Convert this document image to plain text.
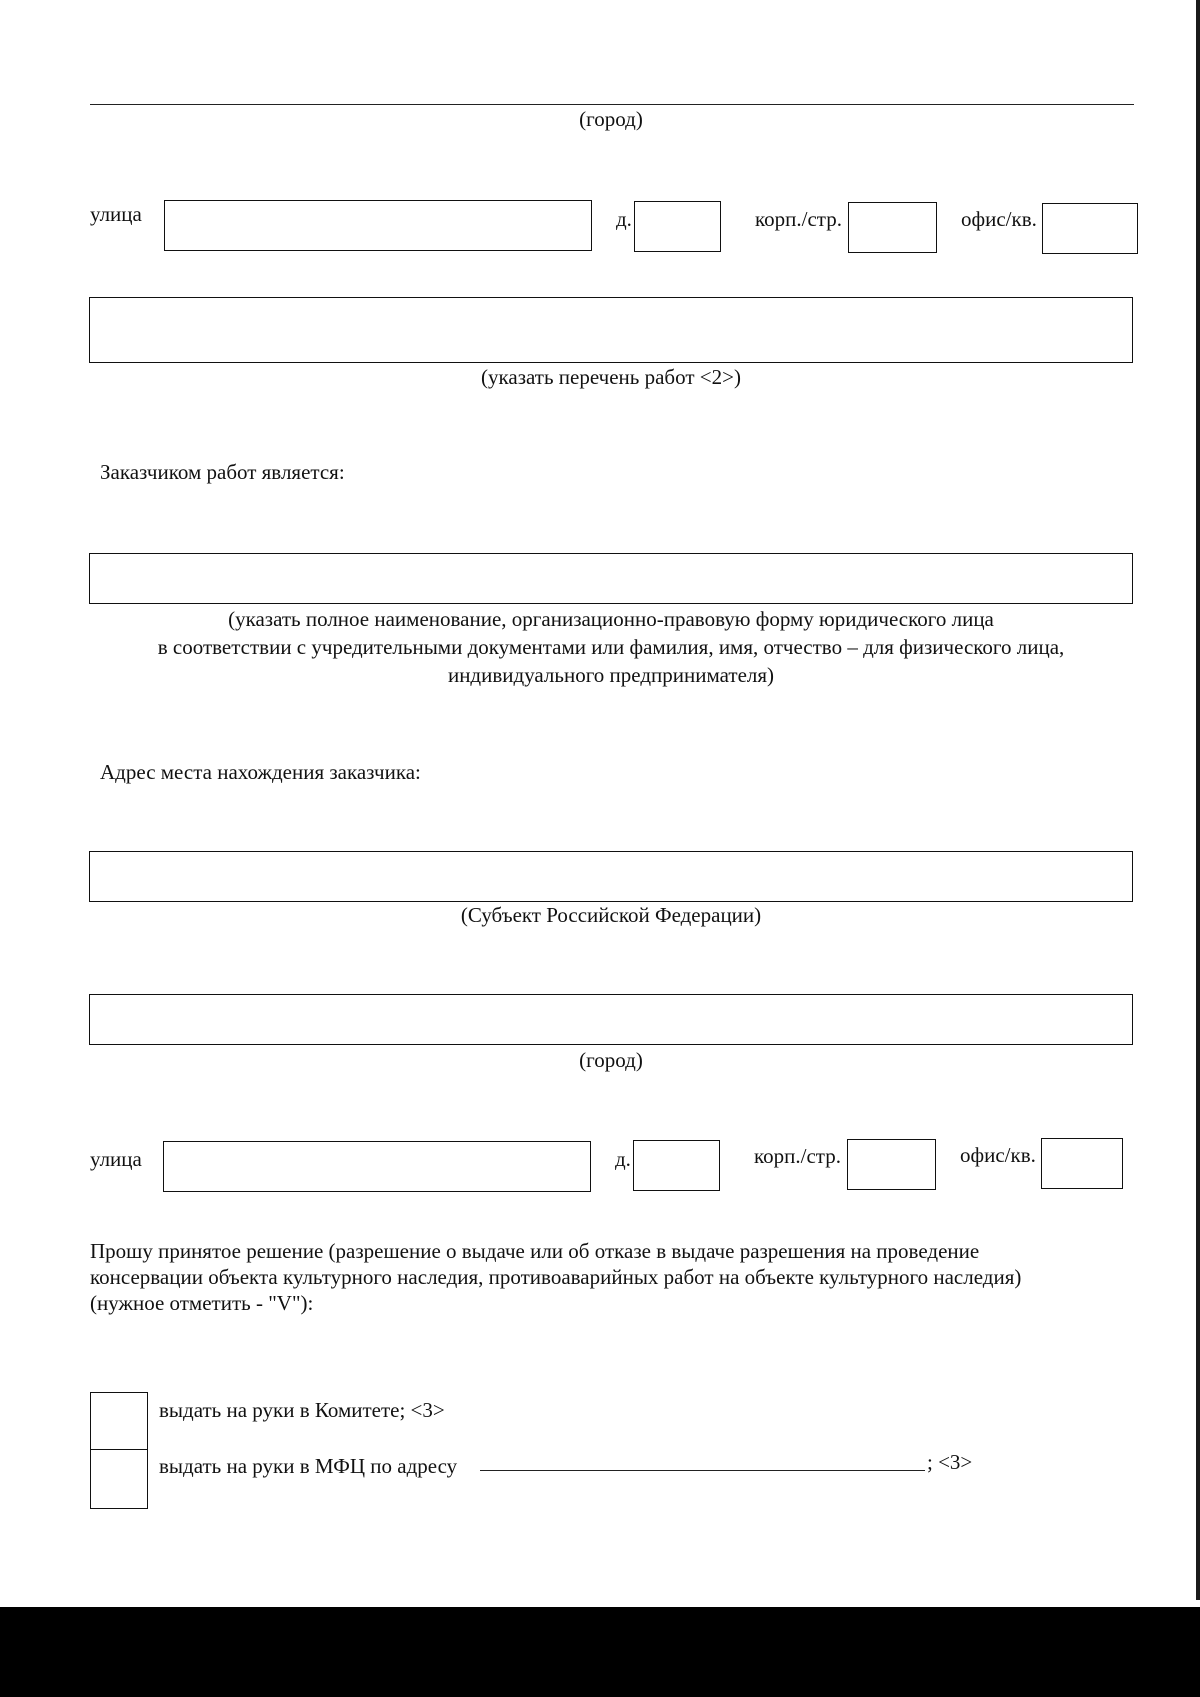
(город)
улица	д.	корп./стр.	офис/кв.
(указать перечень работ <2>)
Заказчиком работ является:
(указать полное наименование, организационно-правовую форму юридического лица
в соответствии с учредительными документами или фамилия, имя, отчество – для физического лица,
индивидуального предпринимателя)
Адрес места нахождения заказчика:
(Субъект Российской Федерации)
(город)
улица	д.	корп./стр.	офис/кв.
Прошу принятое решение (разрешение о выдаче или об отказе в выдаче разрешения на проведение
консервации объекта культурного наследия, противоаварийных работ на объекте культурного наследия)
(нужное отметить - "V"):
выдать на руки в Комитете; <3>
выдать на руки в МФЦ по адресу	; <3>
